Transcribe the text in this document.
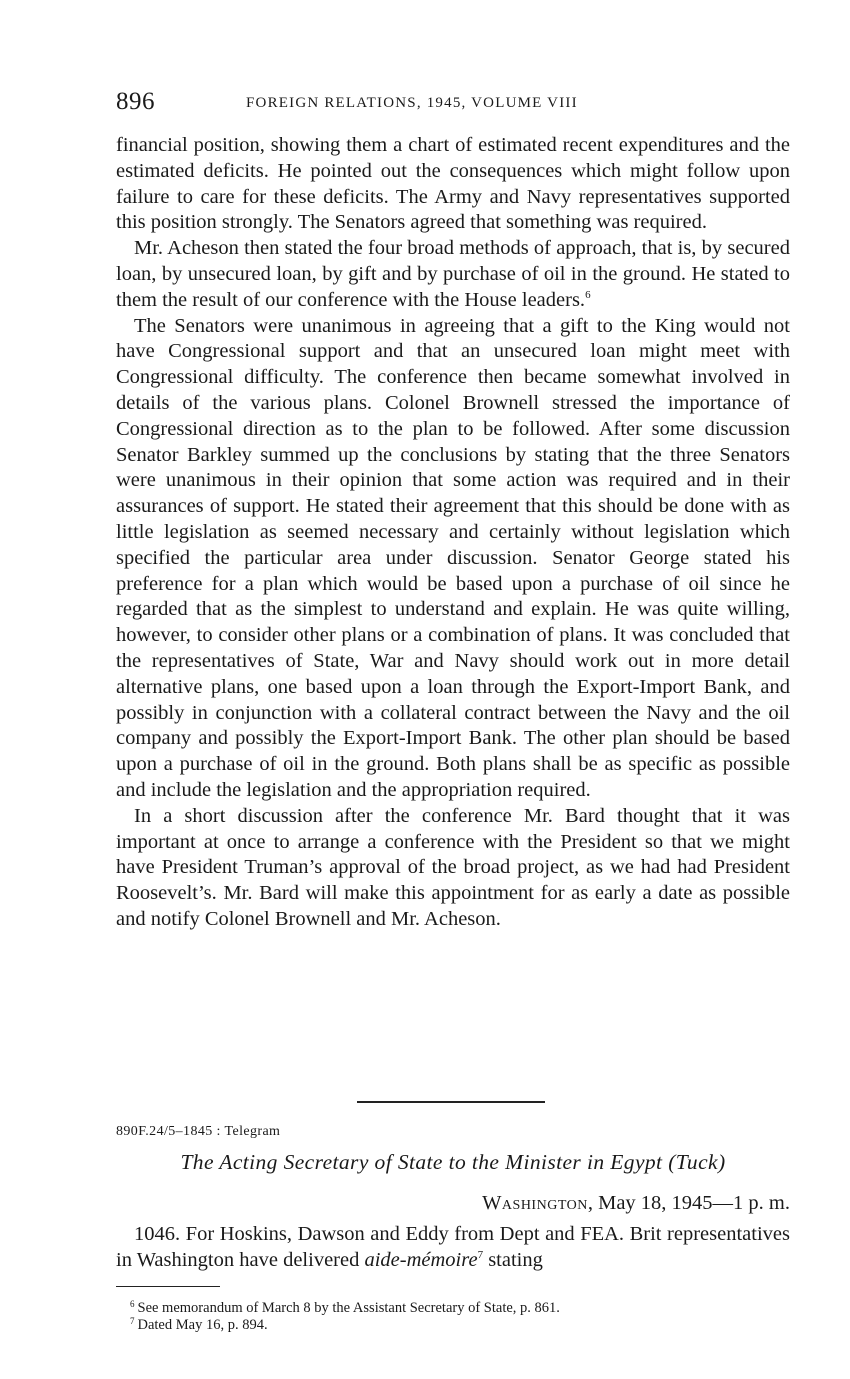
896	FOREIGN RELATIONS, 1945, VOLUME VIII

financial position, showing them a chart of estimated recent expenditures and the estimated deficits. He pointed out the consequences which might follow upon failure to care for these deficits. The Army and Navy representatives supported this position strongly. The Senators agreed that something was required.

Mr. Acheson then stated the four broad methods of approach, that is, by secured loan, by unsecured loan, by gift and by purchase of oil in the ground. He stated to them the result of our conference with the House leaders.$^6$

The Senators were unanimous in agreeing that a gift to the King would not have Congressional support and that an unsecured loan might meet with Congressional difficulty. The conference then became somewhat involved in details of the various plans. Colonel Brownell stressed the importance of Congressional direction as to the plan to be followed. After some discussion Senator Barkley summed up the conclusions by stating that the three Senators were unanimous in their opinion that some action was required and in their assurances of support. He stated their agreement that this should be done with as little legislation as seemed necessary and certainly without legislation which specified the particular area under discussion. Senator George stated his preference for a plan which would be based upon a purchase of oil since he regarded that as the simplest to understand and explain. He was quite willing, however, to consider other plans or a combination of plans. It was concluded that the representatives of State, War and Navy should work out in more detail alternative plans, one based upon a loan through the Export-Import Bank, and possibly in conjunction with a collateral contract between the Navy and the oil company and possibly the Export-Import Bank. The other plan should be based upon a purchase of oil in the ground. Both plans shall be as specific as possible and include the legislation and the appropriation required.

In a short discussion after the conference Mr. Bard thought that it was important at once to arrange a conference with the President so that we might have President Truman’s approval of the broad project, as we had had President Roosevelt’s. Mr. Bard will make this appointment for as early a date as possible and notify Colonel Brownell and Mr. Acheson.

890F.24/5–1845 : Telegram
The Acting Secretary of State to the Minister in Egypt (Tuck)
Washington, May 18, 1945—1 p. m.

1046. For Hoskins, Dawson and Eddy from Dept and FEA. Brit representatives in Washington have delivered aide-mémoire$^7$ stating

$^6$ See memorandum of March 8 by the Assistant Secretary of State, p. 861.
$^7$ Dated May 16, p. 894.
